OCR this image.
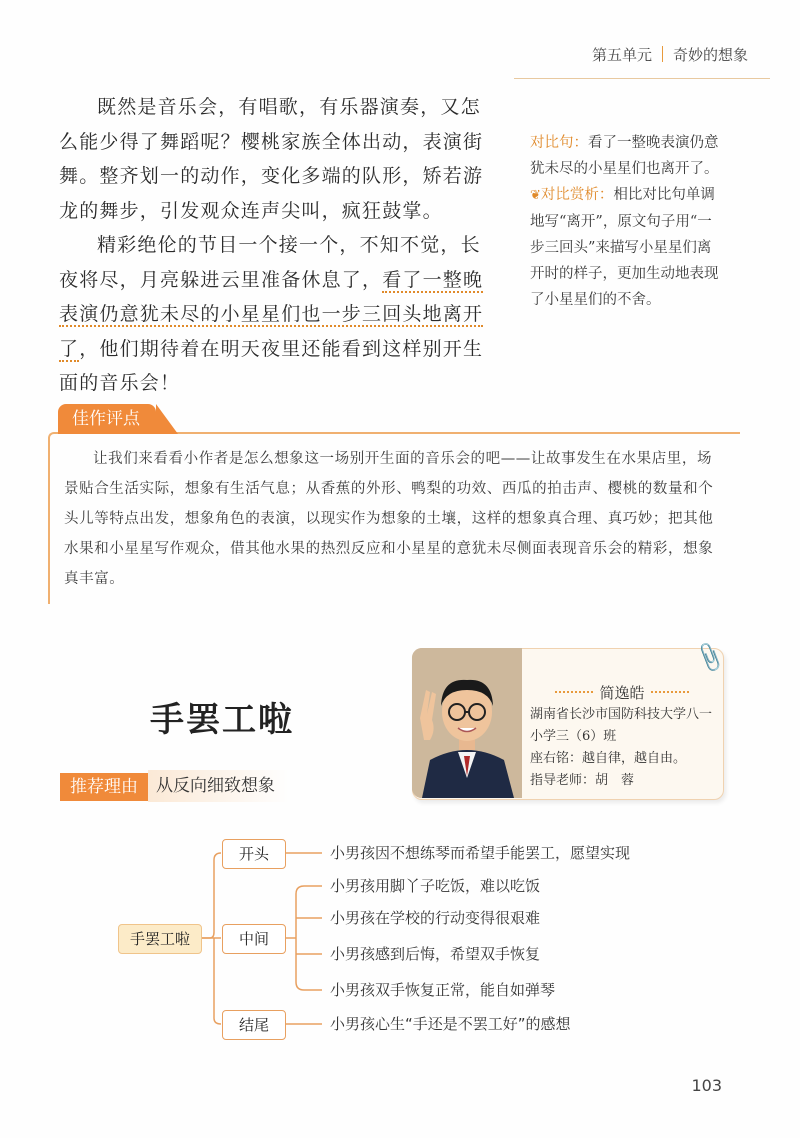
第五单元 奇妙的想象

既然是音乐会，有唱歌，有乐器演奏，又怎么能少得了舞蹈呢？樱桃家族全体出动，表演街舞。整齐划一的动作，变化多端的队形，矫若游龙的舞步，引发观众连声尖叫，疯狂鼓掌。

精彩绝伦的节目一个接一个，不知不觉，长夜将尽，月亮躲进云里准备休息了，看了一整晚表演仍意犹未尽的小星星们也一步三回头地离开了，他们期待着在明天夜里还能看到这样别开生面的音乐会！

对比句：看了一整晚表演仍意犹未尽的小星星们也离开了。
❦对比赏析：相比对比句单调地写“离开”，原文句子用“一步三回头”来描写小星星们离开时的样子，更加生动地表现了小星星们的不舍。
佳作评点

让我们来看看小作者是怎么想象这一场别开生面的音乐会的吧——让故事发生在水果店里，场景贴合生活实际，想象有生活气息；从香蕉的外形、鸭梨的功效、西瓜的拍击声、樱桃的数量和个头儿等特点出发，想象角色的表演，以现实作为想象的土壤，这样的想象真合理、真巧妙；把其他水果和小星星写作观众，借其他水果的热烈反应和小星星的意犹未尽侧面表现音乐会的精彩，想象真丰富。

手罢工啦
从反向细致想象
推荐理由
📎
简逸皓
湖南省长沙市国防科技大学八一小学三（6）班
座右铭：越自律，越自由。
指导老师：胡　蓉
手罢工啦
开头
中间
结尾
小男孩因不想练琴而希望手能罢工，愿望实现
小男孩用脚丫子吃饭，难以吃饭
小男孩在学校的行动变得很艰难
小男孩感到后悔，希望双手恢复
小男孩双手恢复正常，能自如弹琴
小男孩心生“手还是不罢工好”的感想
103
